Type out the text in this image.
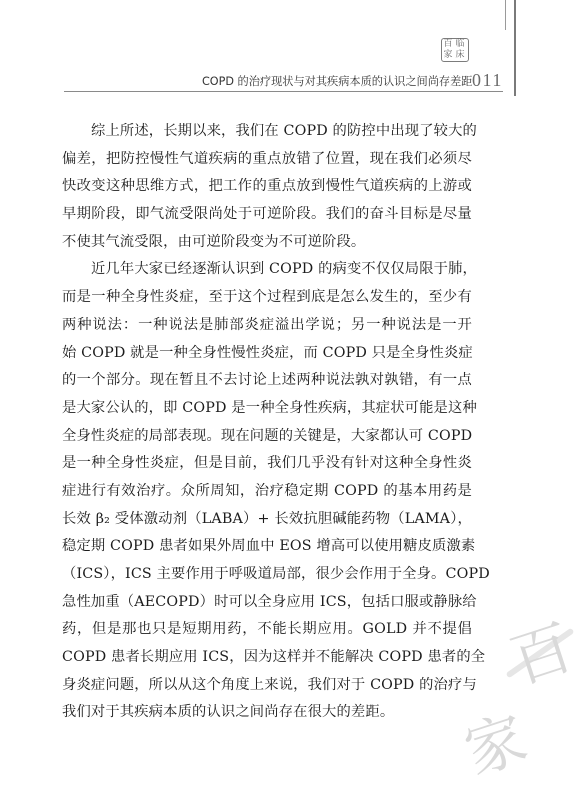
百 临
家 床
COPD 的治疗现状与对其疾病本质的认识之间尚存差距 011

综上所述，长期以来，我们在 COPD 的防控中出现了较大的
偏差，把防控慢性气道疾病的重点放错了位置，现在我们必须尽
快改变这种思维方式，把工作的重点放到慢性气道疾病的上游或
早期阶段，即气流受限尚处于可逆阶段。我们的奋斗目标是尽量
不使其气流受限，由可逆阶段变为不可逆阶段。

近几年大家已经逐渐认识到 COPD 的病变不仅仅局限于肺，
而是一种全身性炎症，至于这个过程到底是怎么发生的，至少有
两种说法：一种说法是肺部炎症溢出学说；另一种说法是一开
始 COPD 就是一种全身性慢性炎症，而 COPD 只是全身性炎症
的一个部分。现在暂且不去讨论上述两种说法孰对孰错，有一点
是大家公认的，即 COPD 是一种全身性疾病，其症状可能是这种
全身性炎症的局部表现。现在问题的关键是，大家都认可 COPD
是一种全身性炎症，但是目前，我们几乎没有针对这种全身性炎
症进行有效治疗。众所周知，治疗稳定期 COPD 的基本用药是
长效 β₂ 受体激动剂（LABA）+ 长效抗胆碱能药物（LAMA），
稳定期 COPD 患者如果外周血中 EOS 增高可以使用糖皮质激素
（ICS），ICS 主要作用于呼吸道局部，很少会作用于全身。COPD
急性加重（AECOPD）时可以全身应用 ICS，包括口服或静脉给
药，但是那也只是短期用药，不能长期应用。GOLD 并不提倡
COPD 患者长期应用 ICS，因为这样并不能解决 COPD 患者的全
身炎症问题，所以从这个角度上来说，我们对于 COPD 的治疗与
我们对于其疾病本质的认识之间尚存在很大的差距。

百
家
